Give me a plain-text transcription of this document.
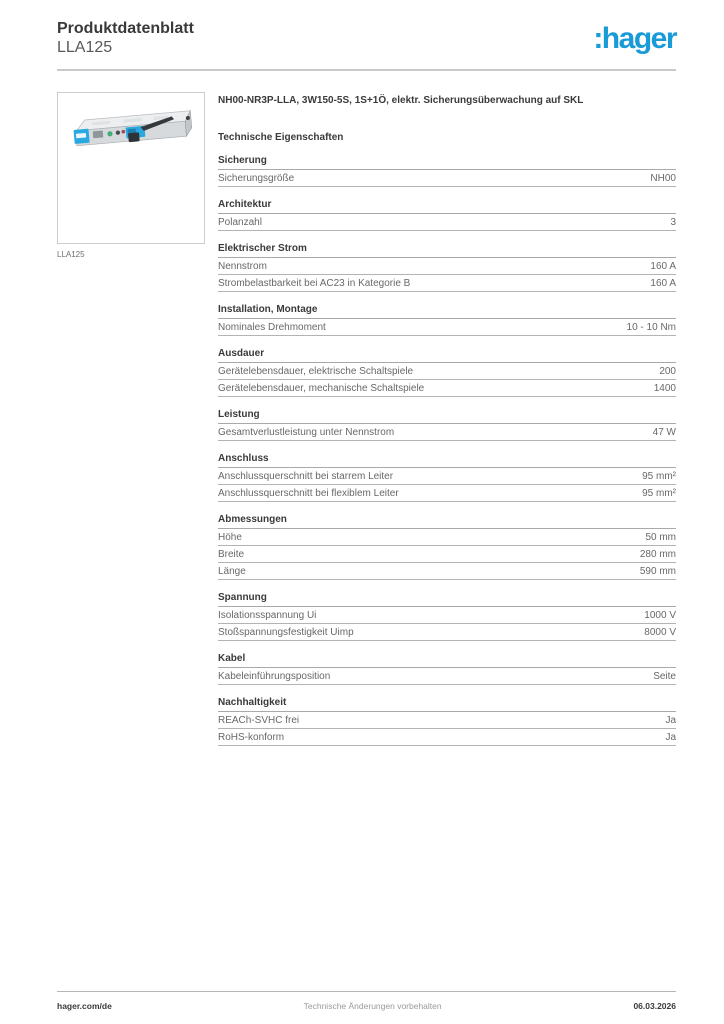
Produktdatenblatt
LLA125	:hager
LLA125
NH00-NR3P-LLA, 3W150-5S, 1S+1Ö, elektr. Sicherungsüberwachung auf SKL
Technische Eigenschaften
Sicherung
Sicherungsgröße	NH00
Architektur
Polanzahl	3
Elektrischer Strom
Nennstrom	160 A
Strombelastbarkeit bei AC23 in Kategorie B	160 A
Installation, Montage
Nominales Drehmoment	10 - 10 Nm
Ausdauer
Gerätelebensdauer, elektrische Schaltspiele	200
Gerätelebensdauer, mechanische Schaltspiele	1400
Leistung
Gesamtverlustleistung unter Nennstrom	47 W
Anschluss
Anschlussquerschnitt bei starrem Leiter	95 mm²
Anschlussquerschnitt bei flexiblem Leiter	95 mm²
Abmessungen
Höhe	50 mm
Breite	280 mm
Länge	590 mm
Spannung
Isolationsspannung Ui	1000 V
Stoßspannungsfestigkeit Uimp	8000 V
Kabel
Kabeleinführungsposition	Seite
Nachhaltigkeit
REACh-SVHC frei	Ja
RoHS-konform	Ja
hager.com/de	Technische Änderungen vorbehalten	06.03.2026
